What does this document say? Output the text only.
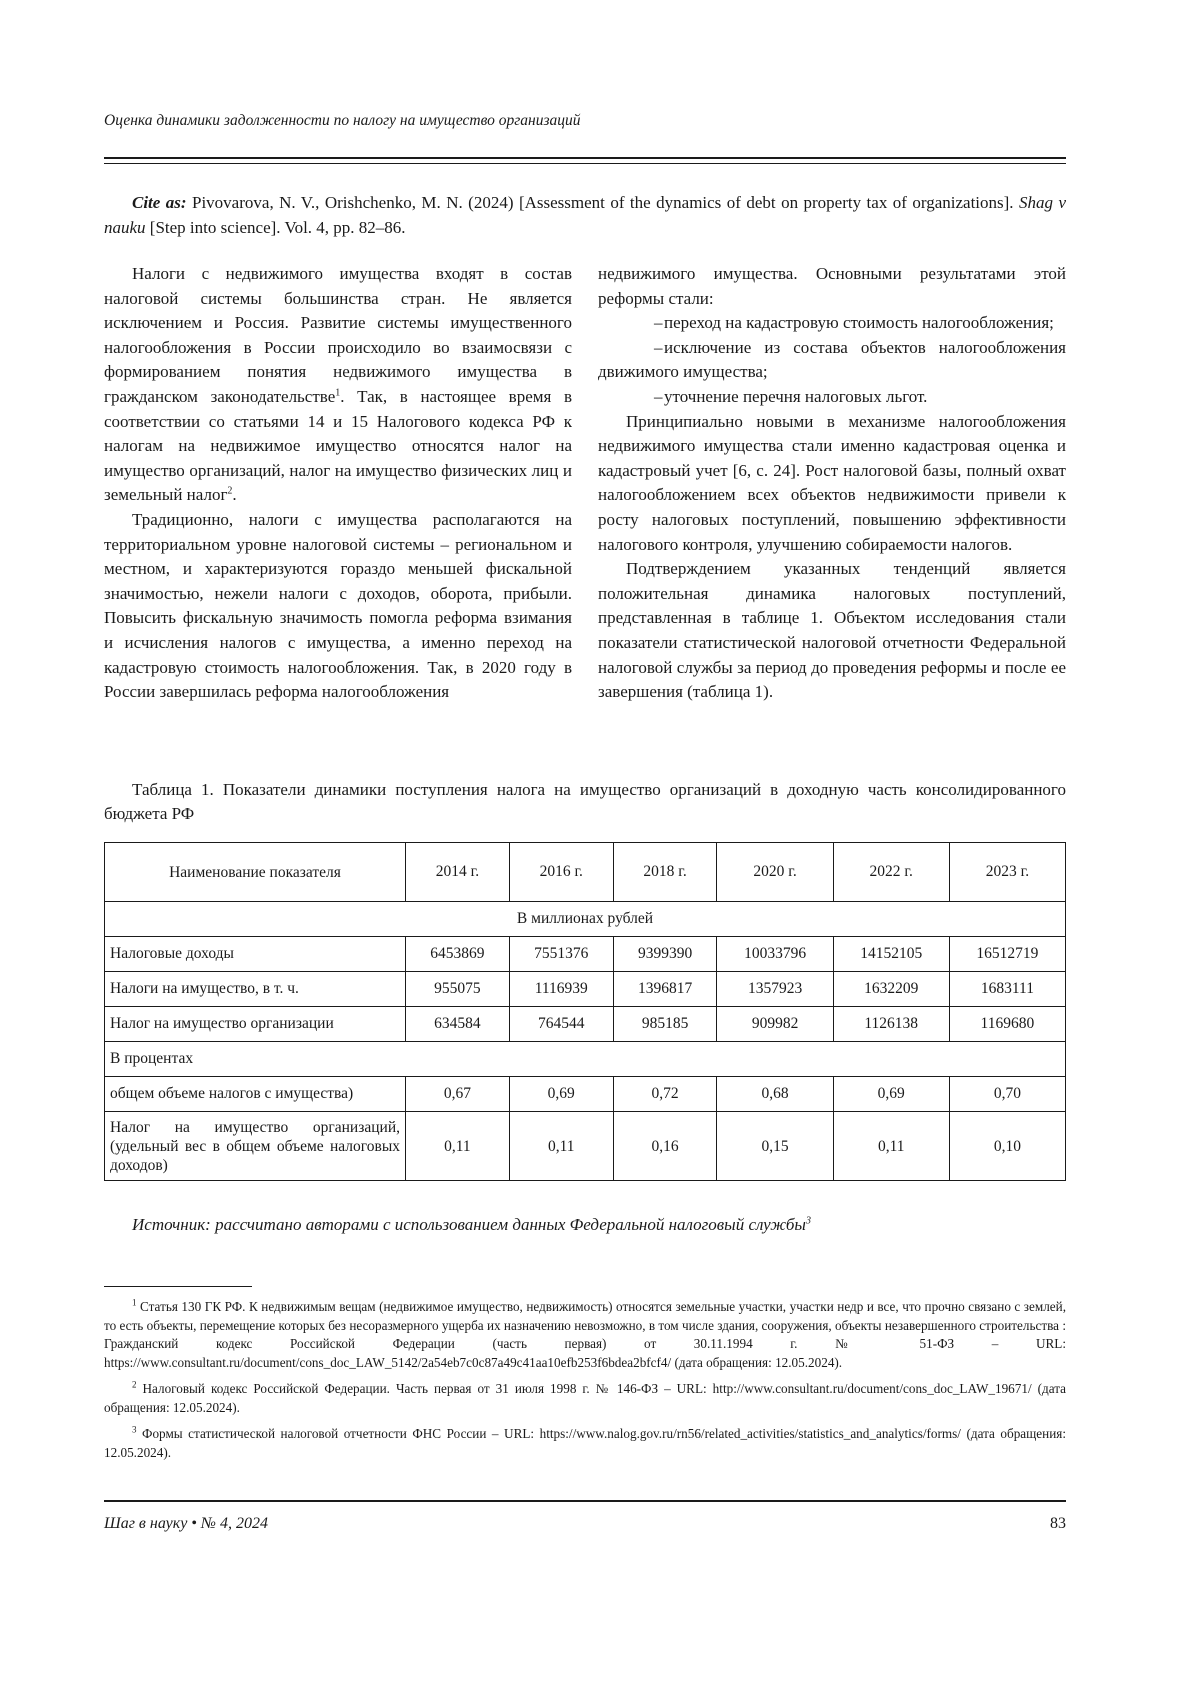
Оценка динамики задолженности по налогу на имущество организаций
Cite as: Pivovarova, N. V., Orishchenko, M. N. (2024) [Assessment of the dynamics of debt on property tax of organizations]. Shag v nauku [Step into science]. Vol. 4, pp. 82–86.

Налоги с недвижимого имущества входят в состав налоговой системы большинства стран. Не является исключением и Россия. Развитие системы имущественного налогообложения в России происходило во взаимосвязи с формированием понятия недвижимого имущества в гражданском законодательстве$^1$. Так, в настоящее время в соответствии со статьями 14 и 15 Налогового кодекса РФ к налогам на недвижимое имущество относятся налог на имущество организаций, налог на имущество физических лиц и земельный налог$^2$.

Традиционно, налоги с имущества располагаются на территориальном уровне налоговой системы – региональном и местном, и характеризуются гораздо меньшей фискальной значимостью, нежели налоги с доходов, оборота, прибыли. Повысить фискальную значимость помогла реформа взимания и исчисления налогов с имущества, а именно переход на кадастровую стоимость налогообложения. Так, в 2020 году в России завершилась реформа налогообложения

недвижимого имущества. Основными результатами этой реформы стали:

–переход на кадастровую стоимость налогообложения;

–исключение из состава объектов налогообложения движимого имущества;

–уточнение перечня налоговых льгот.

Принципиально новыми в механизме налогообложения недвижимого имущества стали именно кадастровая оценка и кадастровый учет [6, с. 24]. Рост налоговой базы, полный охват налогообложением всех объектов недвижимости привели к росту налоговых поступлений, повышению эффективности налогового контроля, улучшению собираемости налогов.

Подтверждением указанных тенденций является положительная динамика налоговых поступлений, представленная в таблице 1. Объектом исследования стали показатели статистической налоговой отчетности Федеральной налоговой службы за период до проведения реформы и после ее завершения (таблица 1).

Таблица 1. Показатели динамики поступления налога на имущество организаций в доходную часть консолидированного бюджета РФ
Наименование показателя	2014 г.	2016 г.	2018 г.	2020 г.	2022 г.	2023 г.
В миллионах рублей						
Налоговые доходы	6453869	7551376	9399390	10033796	14152105	16512719
Налоги на имущество, в т. ч.	955075	1116939	1396817	1357923	1632209	1683111
Налог на имущество организации	634584	764544	985185	909982	1126138	1169680
В процентах						
общем объеме налогов с имущества)	0,67	0,69	0,72	0,68	0,69	0,70
Налог на имущество организаций, (удельный вес в общем объеме налоговых доходов)	0,11	0,11	0,16	0,15	0,11	0,10
Источник: рассчитано авторами с использованием данных Федеральной налоговый службы$^3$

$^1$ Статья 130 ГК РФ. К недвижимым вещам (недвижимое имущество, недвижимость) относятся земельные участки, участки недр и все, что прочно связано с землей, то есть объекты, перемещение которых без несоразмерного ущерба их назначению невозможно, в том числе здания, сооружения, объекты незавершенного строительства : Гражданский кодекс Российской Федерации (часть первая) от 30.11.1994 г. № 51-ФЗ – URL: https://www.consultant.ru/document/cons_doc_LAW_5142/2a54eb7c0c87a49c41aa10efb253f6bdea2bfcf4/ (дата обращения: 12.05.2024).

$^2$ Налоговый кодекс Российской Федерации. Часть первая от 31 июля 1998 г. № 146-ФЗ – URL: http://www.consultant.ru/document/cons_doc_LAW_19671/ (дата обращения: 12.05.2024).

$^3$ Формы статистической налоговой отчетности ФНС России – URL: https://www.nalog.gov.ru/rn56/related_activities/statistics_and_analytics/forms/ (дата обращения: 12.05.2024).

Шаг в науку • № 4, 2024	83
